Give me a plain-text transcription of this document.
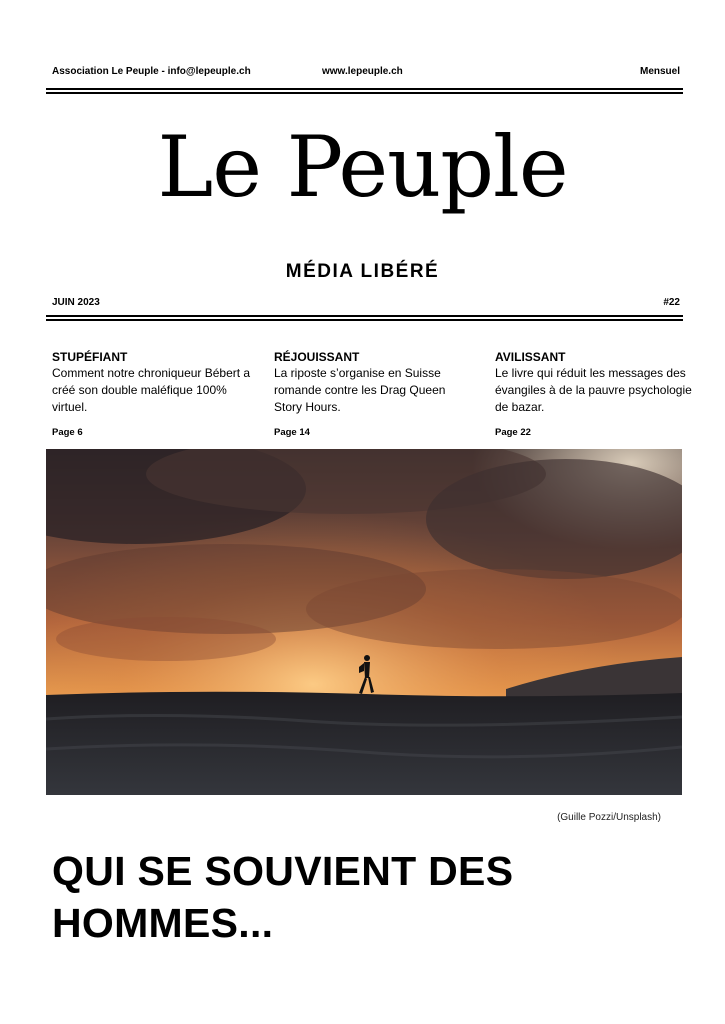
Association Le Peuple - info@lepeuple.ch	www.lepeuple.ch	Mensuel
Le Peuple
MÉDIA LIBÉRÉ
JUIN 2023	#22
STUPÉFIANT
Comment notre chroniqueur Bébert a créé son double maléfique 100% virtuel.
Page 6
RÉJOUISSANT
La riposte s’organise en Suisse romande contre les Drag Queen Story Hours.
Page 14
AVILISSANT
Le livre qui réduit les messages des évangiles à de la pauvre psychologie de bazar.
Page 22
(Guille Pozzi/Unsplash)
QUI SE SOUVIENT DES HOMMES...
